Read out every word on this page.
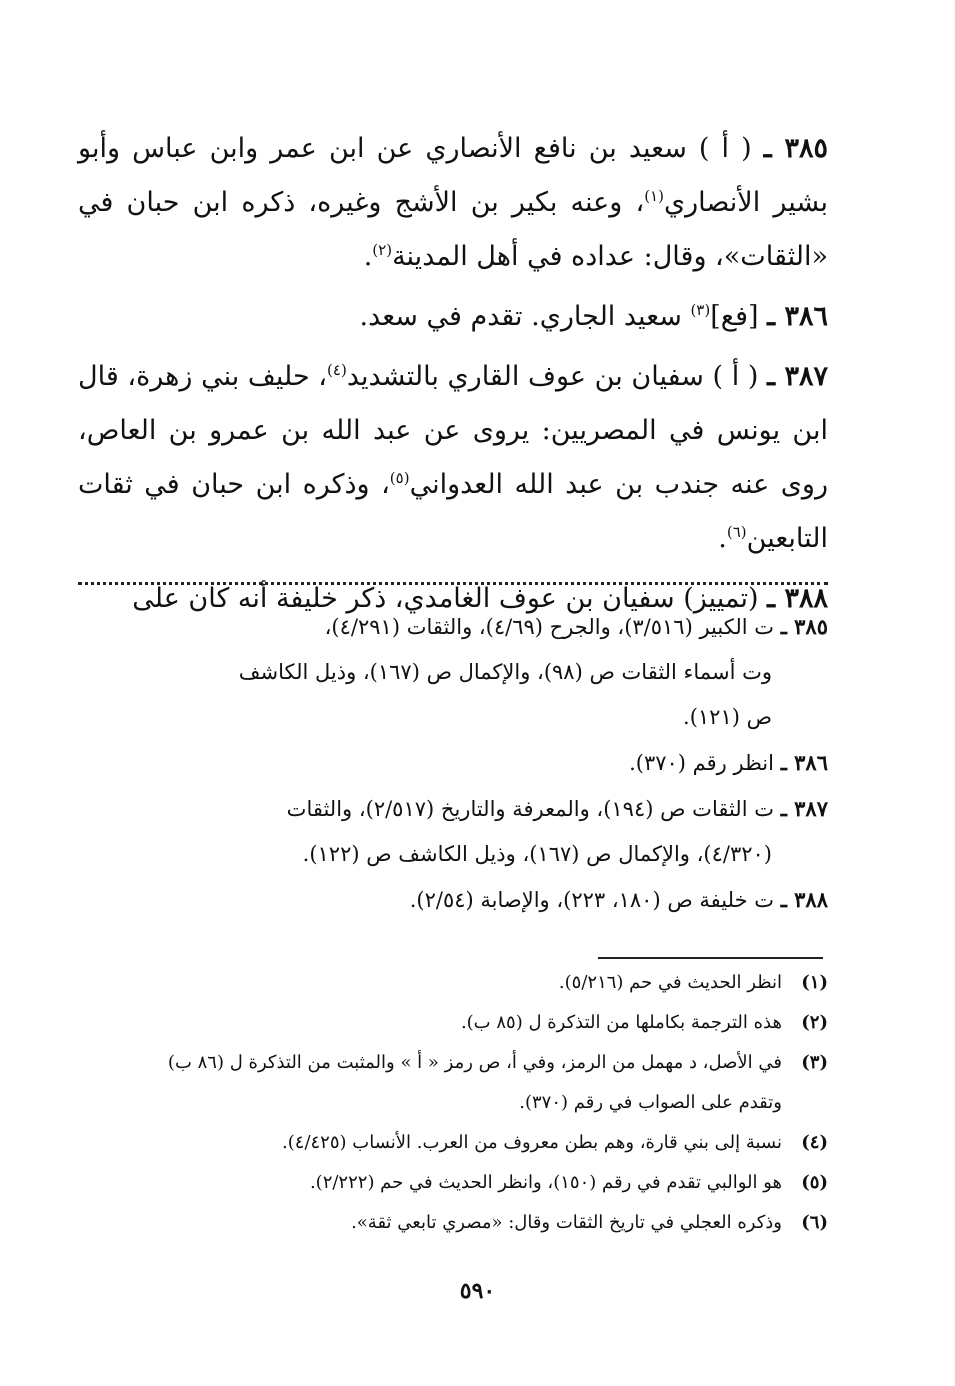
٣٨٥ ـ ( أ ) سعيد بن نافع الأنصاري عن ابن عمر وابن عباس وأبو بشير الأنصاري$^{(١)}$، وعنه بكير بن الأشج وغيره، ذكره ابن حبان في «الثقات»، وقال: عداده في أهل المدينة$^{(٢)}$.

٣٨٦ ـ [فع]$^{(٣)}$ سعيد الجاري. تقدم في سعد.

٣٨٧ ـ ( أ ) سفيان بن عوف القاري بالتشديد$^{(٤)}$، حليف بني زهرة، قال ابن يونس في المصريين: يروى عن عبد الله بن عمرو بن العاص، روى عنه جندب بن عبد الله العدواني$^{(٥)}$، وذكره ابن حبان في ثقات التابعين$^{(٦)}$.

٣٨٨ ـ (تمييز) سفيان بن عوف الغامدي، ذكر خليفة أنه كان على

٣٨٥ ـ ت الكبير (٣/٥١٦)، والجرح (٤/٦٩)، والثقات (٤/٢٩١)،
وت أسماء الثقات ص (٩٨)، والإكمال ص (١٦٧)، وذيل الكاشف
ص (١٢١).

٣٨٦ ـ انظر رقم (٣٧٠).

٣٨٧ ـ ت الثقات ص (١٩٤)، والمعرفة والتاريخ (٢/٥١٧)، والثقات
(٤/٣٢٠)، والإكمال ص (١٦٧)، وذيل الكاشف ص (١٢٢).

٣٨٨ ـ ت خليفة ص (١٨٠، ٢٢٣)، والإصابة (٢/٥٤).

(١)انظر الحديث في حم (٥/٢١٦).

(٢)هذه الترجمة بكاملها من التذكرة ل (٨٥ ب).

(٣)في الأصل، د مهمل من الرمز، وفي أ، ص رمز « أ » والمثبت من التذكرة ل (٨٦ ب)
وتقدم على الصواب في رقم (٣٧٠).

(٤)نسبة إلى بني قارة، وهم بطن معروف من العرب. الأنساب (٤/٤٢٥).

(٥)هو الوالبي تقدم في رقم (١٥٠)، وانظر الحديث في حم (٢/٢٢٢).

(٦)وذكره العجلي في تاريخ الثقات وقال: «مصري تابعي ثقة».

٥٩٠
